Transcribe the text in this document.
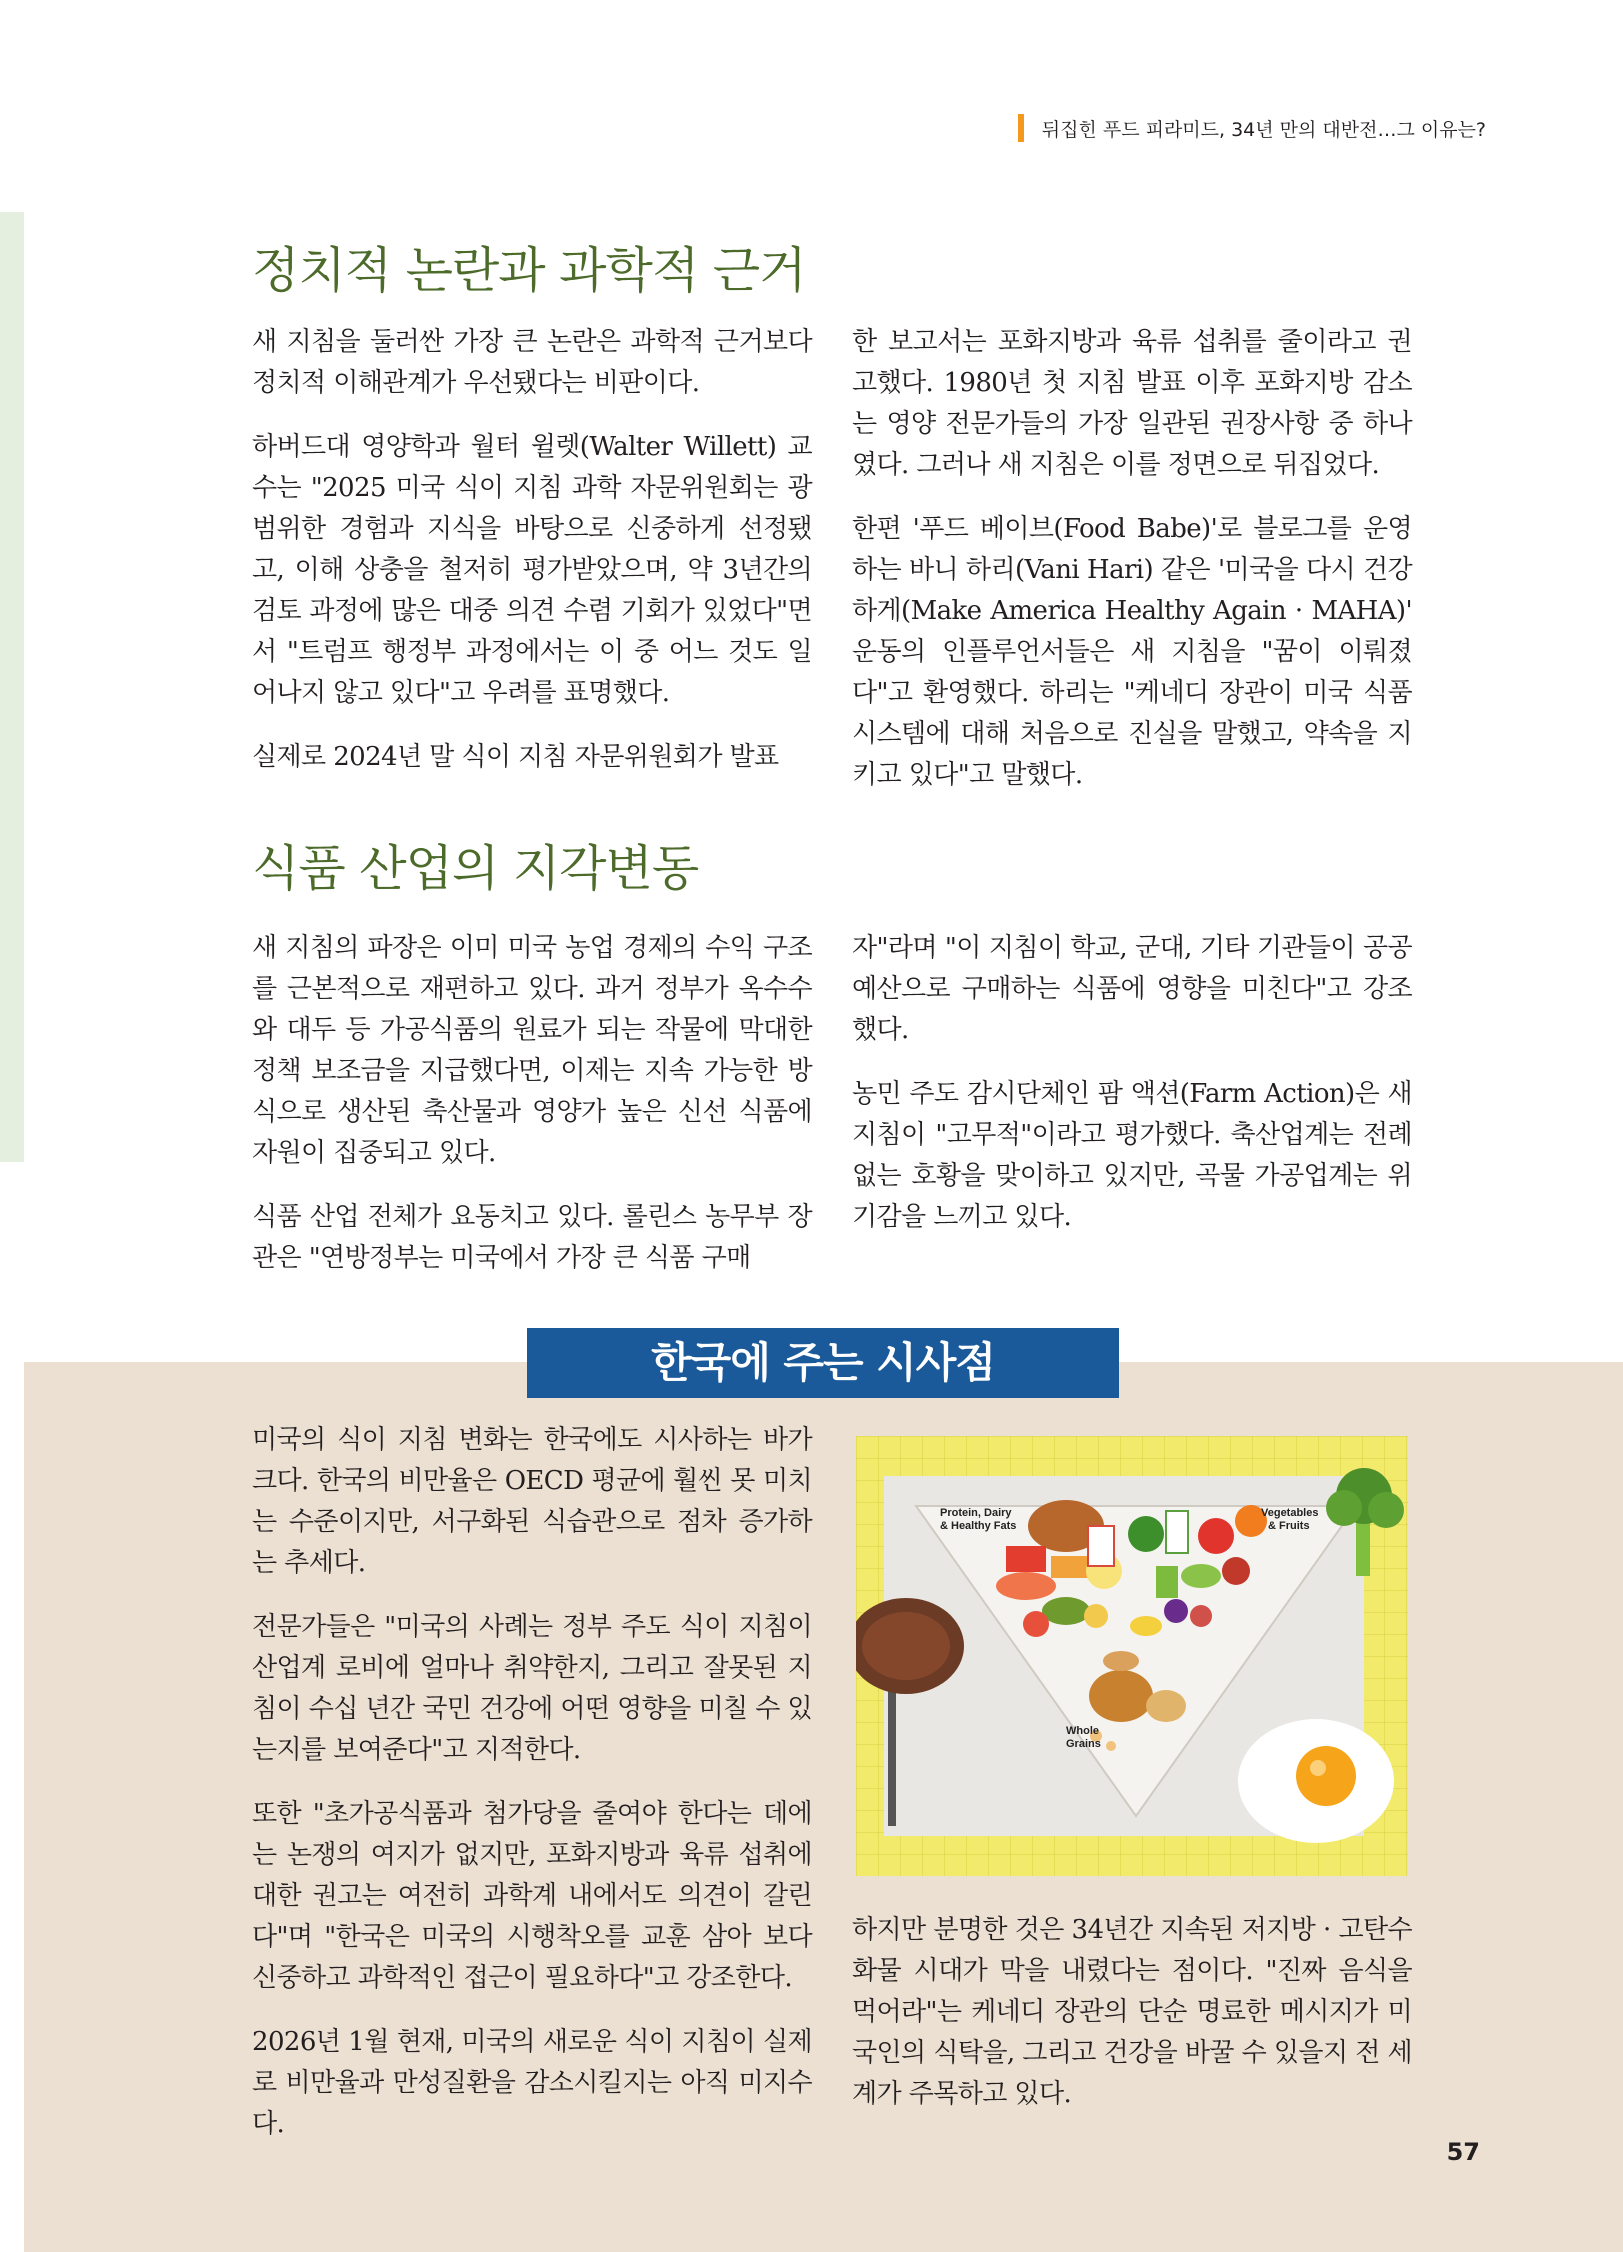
뒤집힌 푸드 피라미드, 34년 만의 대반전…그 이유는?
정치적 논란과 과학적 근거

새 지침을 둘러싼 가장 큰 논란은 과학적 근거보다 정치적 이해관계가 우선됐다는 비판이다.

하버드대 영양학과 월터 윌렛(Walter Willett) 교수는 "2025 미국 식이 지침 과학 자문위원회는 광범위한 경험과 지식을 바탕으로 신중하게 선정됐고, 이해 상충을 철저히 평가받았으며, 약 3년간의 검토 과정에 많은 대중 의견 수렴 기회가 있었다"면서 "트럼프 행정부 과정에서는 이 중 어느 것도 일어나지 않고 있다"고 우려를 표명했다.

실제로 2024년 말 식이 지침 자문위원회가 발표

한 보고서는 포화지방과 육류 섭취를 줄이라고 권고했다. 1980년 첫 지침 발표 이후 포화지방 감소는 영양 전문가들의 가장 일관된 권장사항 중 하나였다. 그러나 새 지침은 이를 정면으로 뒤집었다.

한편 '푸드 베이브(Food Babe)'로 블로그를 운영하는 바니 하리(Vani Hari) 같은 '미국을 다시 건강하게(Make America Healthy Again · MAHA)' 운동의 인플루언서들은 새 지침을 "꿈이 이뤄졌다"고 환영했다. 하리는 "케네디 장관이 미국 식품 시스템에 대해 처음으로 진실을 말했고, 약속을 지키고 있다"고 말했다.

식품 산업의 지각변동

새 지침의 파장은 이미 미국 농업 경제의 수익 구조를 근본적으로 재편하고 있다. 과거 정부가 옥수수와 대두 등 가공식품의 원료가 되는 작물에 막대한 정책 보조금을 지급했다면, 이제는 지속 가능한 방식으로 생산된 축산물과 영양가 높은 신선 식품에 자원이 집중되고 있다.

식품 산업 전체가 요동치고 있다. 롤린스 농무부 장관은 "연방정부는 미국에서 가장 큰 식품 구매

자"라며 "이 지침이 학교, 군대, 기타 기관들이 공공 예산으로 구매하는 식품에 영향을 미친다"고 강조했다.

농민 주도 감시단체인 팜 액션(Farm Action)은 새 지침이 "고무적"이라고 평가했다. 축산업계는 전례 없는 호황을 맞이하고 있지만, 곡물 가공업계는 위기감을 느끼고 있다.

한국에 주는 시사점

미국의 식이 지침 변화는 한국에도 시사하는 바가 크다. 한국의 비만율은 OECD 평균에 훨씬 못 미치는 수준이지만, 서구화된 식습관으로 점차 증가하는 추세다.

전문가들은 "미국의 사례는 정부 주도 식이 지침이 산업계 로비에 얼마나 취약한지, 그리고 잘못된 지침이 수십 년간 국민 건강에 어떤 영향을 미칠 수 있는지를 보여준다"고 지적한다.

또한 "초가공식품과 첨가당을 줄여야 한다는 데에는 논쟁의 여지가 없지만, 포화지방과 육류 섭취에 대한 권고는 여전히 과학계 내에서도 의견이 갈린다"며 "한국은 미국의 시행착오를 교훈 삼아 보다 신중하고 과학적인 접근이 필요하다"고 강조한다.

2026년 1월 현재, 미국의 새로운 식이 지침이 실제로 비만율과 만성질환을 감소시킬지는 아직 미지수다.

Protein, Dairy & Healthy Fats
Vegetables & Fruits
Whole Grains

하지만 분명한 것은 34년간 지속된 저지방 · 고탄수화물 시대가 막을 내렸다는 점이다. "진짜 음식을 먹어라"는 케네디 장관의 단순 명료한 메시지가 미국인의 식탁을, 그리고 건강을 바꿀 수 있을지 전 세계가 주목하고 있다.

57
